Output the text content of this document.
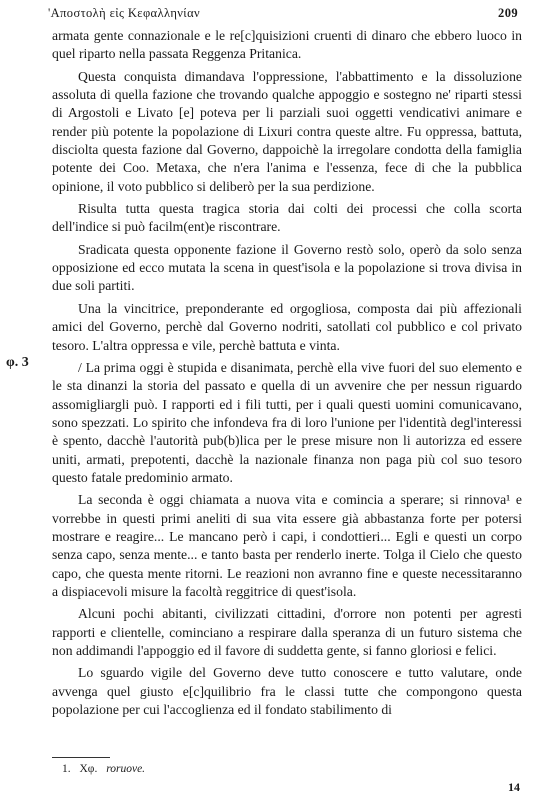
'Αποστολὴ εἰς Κεφαλληνίαν	209
φ. 3

armata gente connazionale e le re[c]quisizioni cruenti di dinaro che ebbero luoco in quel riparto nella passata Reggenza Pritanica.

Questa conquista dimandava l'oppressione, l'abbattimento e la dissoluzione assoluta di quella fazione che trovando qualche appoggio e sostegno ne' riparti stessi di Argostoli e Livato [e] poteva per li parziali suoi oggetti vendicativi animare e render più potente la popolazione di Lixuri contra queste altre. Fu oppressa, battuta, disciolta questa fazione dal Governo, dappoichè la irregolare condotta della famiglia potente dei Coo. Metaxa, che n'era l'anima e l'essenza, fece di che la pubblica opinione, il voto pubblico si deliberò per la sua perdizione.

Risulta tutta questa tragica storia dai colti dei processi che colla scorta dell'indice si può facilm(ent)e riscontrare.

Sradicata questa opponente fazione il Governo restò solo, operò da solo senza opposizione ed ecco mutata la scena in quest'isola e la popolazione si trova divisa in due soli partiti.

Una la vincitrice, preponderante ed orgogliosa, composta dai più affezionali amici del Governo, perchè dal Governo nodriti, satollati col pubblico e col privato tesoro. L'altra oppressa e vile, perchè battuta e vinta.

/ La prima oggi è stupida e disanimata, perchè ella vive fuori del suo elemento e le sta dinanzi la storia del passato e quella di un avvenire che per nessun riguardo assomigliargli può. I rapporti ed i fili tutti, per i quali questi uomini comunicavano, sono spezzati. Lo spirito che infondeva fra di loro l'unione per l'identità degl'interessi è spento, dacchè l'autorità pub(b)lica per le prese misure non li autorizza ed essere uniti, armati, prepotenti, dacchè la nazionale finanza non paga più col suo tesoro questo fatale predominio armato.

La seconda è oggi chiamata a nuova vita e comincia a sperare; si rinnova¹ e vorrebbe in questi primi aneliti di sua vita essere già abbastanza forte per potersi mostrare e reagire... Le mancano però i capi, i condottieri... Egli e questi un corpo senza capo, senza mente... e tanto basta per renderlo inerte. Tolga il Cielo che questo capo, che questa mente ritorni. Le reazioni non avranno fine e queste necessitaranno a dispiacevoli misure la facoltà reggitrice di quest'isola.

Alcuni pochi abitanti, civilizzati cittadini, d'orrore non potenti per agresti rapporti e clientelle, cominciano a respirare dalla speranza di un futuro sistema che non addimandi l'appoggio ed il favore di suddetta gente, si fanno gloriosi e felici.

Lo sguardo vigile del Governo deve tutto conoscere e tutto valutare, onde avvenga quel giusto e[c]quilibrio fra le classi tutte che compongono questa popolazione per cui l'accoglienza ed il fondato stabilimento di

1. Χφ. roruove.
14
